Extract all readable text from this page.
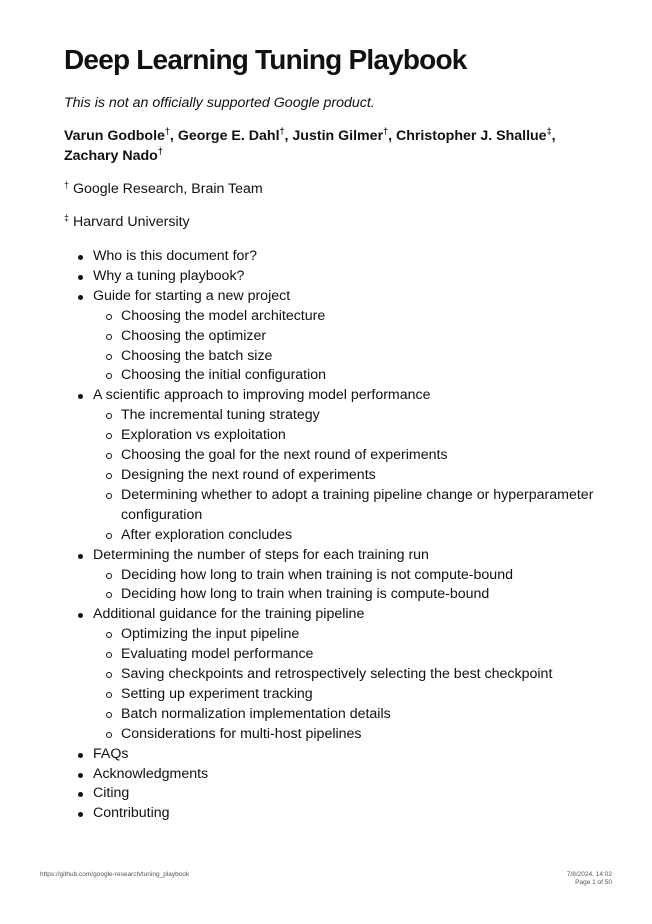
Deep Learning Tuning Playbook
This is not an officially supported Google product.
Varun Godbole†, George E. Dahl†, Justin Gilmer†, Christopher J. Shallue‡,
Zachary Nado†
† Google Research, Brain Team
‡ Harvard University
Who is this document for?
Why a tuning playbook?
Guide for starting a new project
Choosing the model architecture
Choosing the optimizer
Choosing the batch size
Choosing the initial configuration
A scientific approach to improving model performance
The incremental tuning strategy
Exploration vs exploitation
Choosing the goal for the next round of experiments
Designing the next round of experiments
Determining whether to adopt a training pipeline change or hyperparameter configuration
After exploration concludes
Determining the number of steps for each training run
Deciding how long to train when training is not compute-bound
Deciding how long to train when training is compute-bound
Additional guidance for the training pipeline
Optimizing the input pipeline
Evaluating model performance
Saving checkpoints and retrospectively selecting the best checkpoint
Setting up experiment tracking
Batch normalization implementation details
Considerations for multi-host pipelines
FAQs
Acknowledgments
Citing
Contributing
https://github.com/google-research/tuning_playbook	7/8/2024, 14:02
Page 1 of 50
